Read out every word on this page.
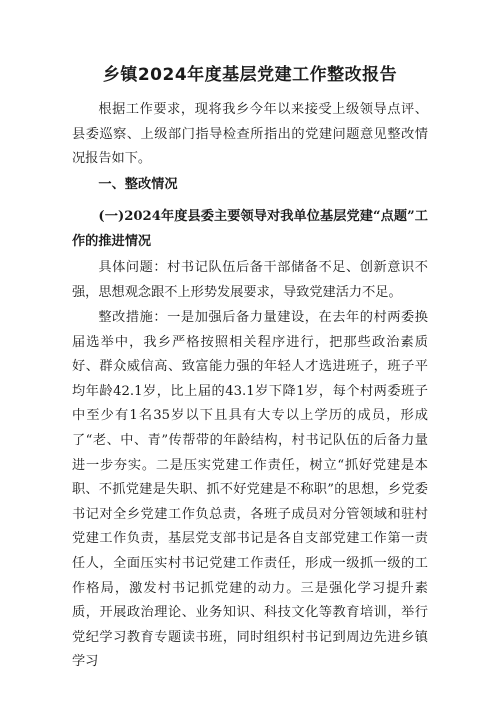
乡镇2024年度基层党建工作整改报告

根据工作要求，现将我乡今年以来接受上级领导点评、县委巡察、上级部门指导检查所指出的党建问题意见整改情况报告如下。

一、整改情况

(一)2024年度县委主要领导对我单位基层党建“点题”工作的推进情况

具体问题：村书记队伍后备干部储备不足、创新意识不强，思想观念跟不上形势发展要求，导致党建活力不足。

整改措施：一是加强后备力量建设，在去年的村两委换届选举中，我乡严格按照相关程序进行，把那些政治素质好、群众威信高、致富能力强的年轻人才选进班子，班子平均年龄42.1岁，比上届的43.1岁下降1岁，每个村两委班子中至少有1名35岁以下且具有大专以上学历的成员，形成了“老、中、青”传帮带的年龄结构，村书记队伍的后备力量进一步夯实。二是压实党建工作责任，树立“抓好党建是本职、不抓党建是失职、抓不好党建是不称职”的思想，乡党委书记对全乡党建工作负总责，各班子成员对分管领域和驻村党建工作负责，基层党支部书记是各自支部党建工作第一责任人，全面压实村书记党建工作责任，形成一级抓一级的工作格局，激发村书记抓党建的动力。三是强化学习提升素质，开展政治理论、业务知识、科技文化等教育培训，举行党纪学习教育专题读书班，同时组织村书记到周边先进乡镇学习
